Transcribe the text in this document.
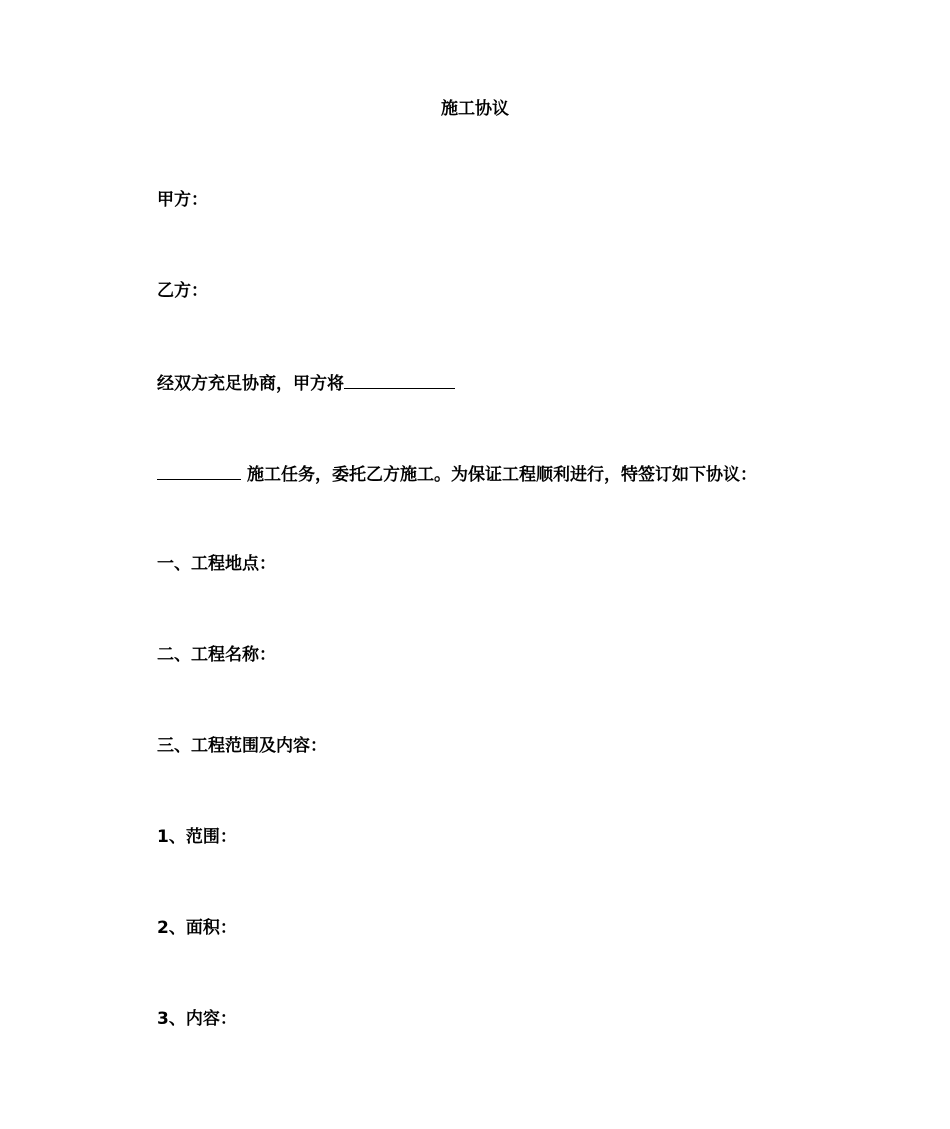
施工协议
甲方：
乙方：
经双方充足协商，甲方将
施工任务，委托乙方施工。为保证工程顺利进行，特签订如下协议：
一、工程地点：
二、工程名称：
三、工程范围及内容：
1、范围：
2、面积：
3、内容：
